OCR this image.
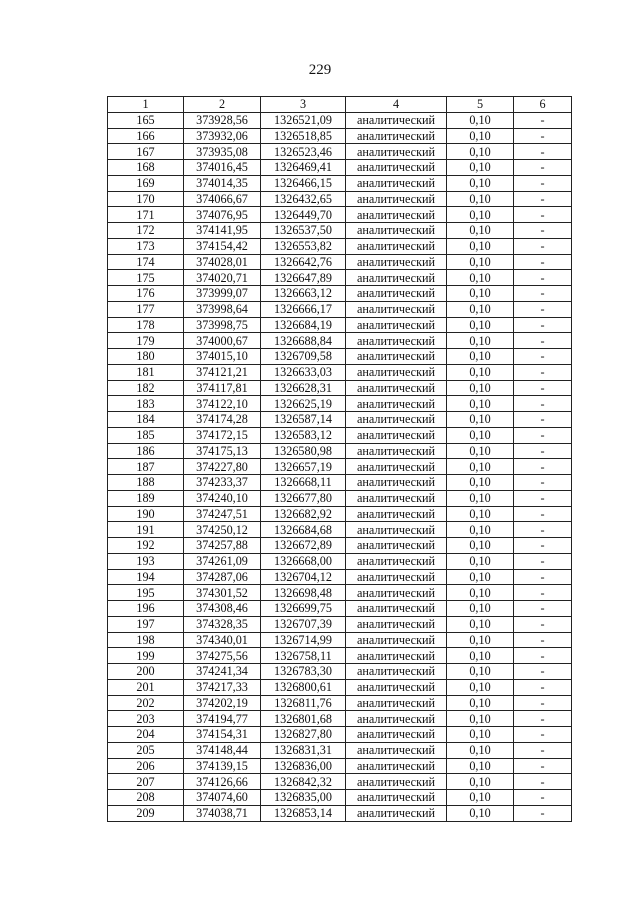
229
1	2	3	4	5	6
165	373928,56	1326521,09	аналитический	0,10	-
166	373932,06	1326518,85	аналитический	0,10	-
167	373935,08	1326523,46	аналитический	0,10	-
168	374016,45	1326469,41	аналитический	0,10	-
169	374014,35	1326466,15	аналитический	0,10	-
170	374066,67	1326432,65	аналитический	0,10	-
171	374076,95	1326449,70	аналитический	0,10	-
172	374141,95	1326537,50	аналитический	0,10	-
173	374154,42	1326553,82	аналитический	0,10	-
174	374028,01	1326642,76	аналитический	0,10	-
175	374020,71	1326647,89	аналитический	0,10	-
176	373999,07	1326663,12	аналитический	0,10	-
177	373998,64	1326666,17	аналитический	0,10	-
178	373998,75	1326684,19	аналитический	0,10	-
179	374000,67	1326688,84	аналитический	0,10	-
180	374015,10	1326709,58	аналитический	0,10	-
181	374121,21	1326633,03	аналитический	0,10	-
182	374117,81	1326628,31	аналитический	0,10	-
183	374122,10	1326625,19	аналитический	0,10	-
184	374174,28	1326587,14	аналитический	0,10	-
185	374172,15	1326583,12	аналитический	0,10	-
186	374175,13	1326580,98	аналитический	0,10	-
187	374227,80	1326657,19	аналитический	0,10	-
188	374233,37	1326668,11	аналитический	0,10	-
189	374240,10	1326677,80	аналитический	0,10	-
190	374247,51	1326682,92	аналитический	0,10	-
191	374250,12	1326684,68	аналитический	0,10	-
192	374257,88	1326672,89	аналитический	0,10	-
193	374261,09	1326668,00	аналитический	0,10	-
194	374287,06	1326704,12	аналитический	0,10	-
195	374301,52	1326698,48	аналитический	0,10	-
196	374308,46	1326699,75	аналитический	0,10	-
197	374328,35	1326707,39	аналитический	0,10	-
198	374340,01	1326714,99	аналитический	0,10	-
199	374275,56	1326758,11	аналитический	0,10	-
200	374241,34	1326783,30	аналитический	0,10	-
201	374217,33	1326800,61	аналитический	0,10	-
202	374202,19	1326811,76	аналитический	0,10	-
203	374194,77	1326801,68	аналитический	0,10	-
204	374154,31	1326827,80	аналитический	0,10	-
205	374148,44	1326831,31	аналитический	0,10	-
206	374139,15	1326836,00	аналитический	0,10	-
207	374126,66	1326842,32	аналитический	0,10	-
208	374074,60	1326835,00	аналитический	0,10	-
209	374038,71	1326853,14	аналитический	0,10	-
